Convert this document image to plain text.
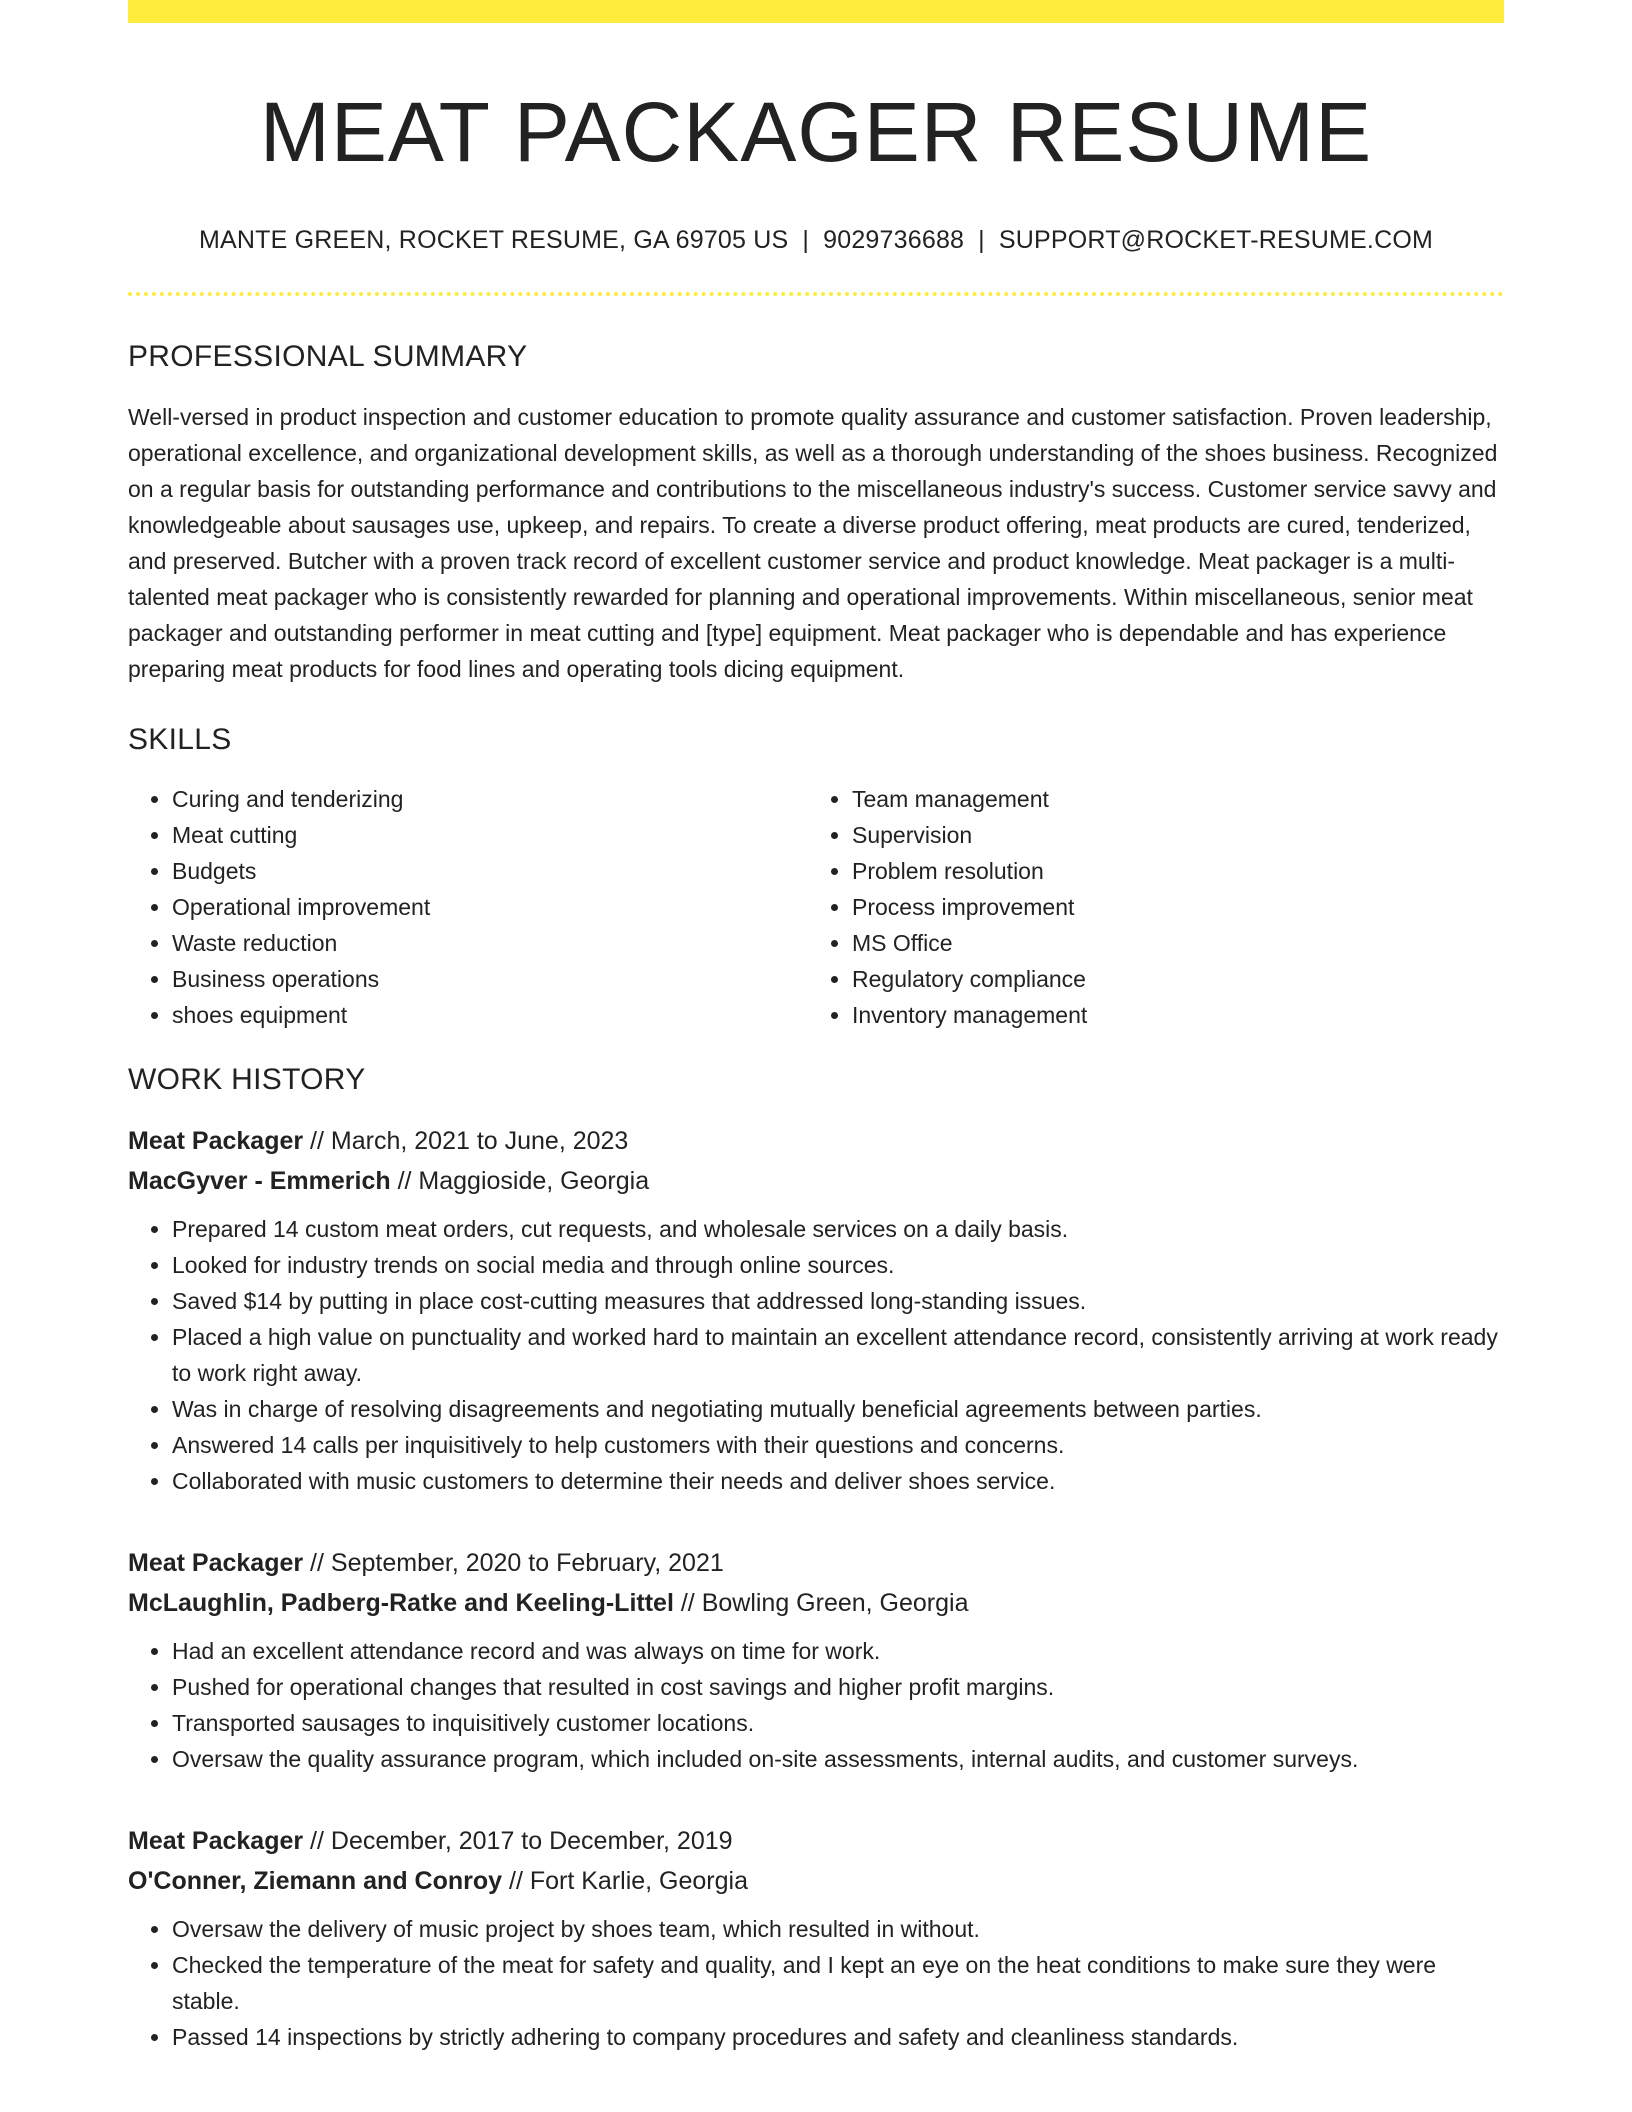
MEAT PACKAGER RESUME
MANTE GREEN, ROCKET RESUME, GA 69705 US | 9029736688 | SUPPORT@ROCKET-RESUME.COM
PROFESSIONAL SUMMARY

Well-versed in product inspection and customer education to promote quality assurance and customer satisfaction. Proven leadership, operational excellence, and organizational development skills, as well as a thorough understanding of the shoes business. Recognized on a regular basis for outstanding performance and contributions to the miscellaneous industry's success. Customer service savvy and knowledgeable about sausages use, upkeep, and repairs. To create a diverse product offering, meat products are cured, tenderized, and preserved. Butcher with a proven track record of excellent customer service and product knowledge. Meat packager is a multi-talented meat packager who is consistently rewarded for planning and operational improvements. Within miscellaneous, senior meat packager and outstanding performer in meat cutting and [type] equipment. Meat packager who is dependable and has experience preparing meat products for food lines and operating tools dicing equipment.

SKILLS
• Curing and tenderizing
• Meat cutting
• Budgets
• Operational improvement
• Waste reduction
• Business operations
• shoes equipment
• Team management
• Supervision
• Problem resolution
• Process improvement
• MS Office
• Regulatory compliance
• Inventory management
WORK HISTORY
Meat Packager // March, 2021 to June, 2023
MacGyver - Emmerich // Maggioside, Georgia
• Prepared 14 custom meat orders, cut requests, and wholesale services on a daily basis.
• Looked for industry trends on social media and through online sources.
• Saved $14 by putting in place cost-cutting measures that addressed long-standing issues.
• Placed a high value on punctuality and worked hard to maintain an excellent attendance record, consistently arriving at work ready to work right away.
• Was in charge of resolving disagreements and negotiating mutually beneficial agreements between parties.
• Answered 14 calls per inquisitively to help customers with their questions and concerns.
• Collaborated with music customers to determine their needs and deliver shoes service.
Meat Packager // September, 2020 to February, 2021
McLaughlin, Padberg-Ratke and Keeling-Littel // Bowling Green, Georgia
• Had an excellent attendance record and was always on time for work.
• Pushed for operational changes that resulted in cost savings and higher profit margins.
• Transported sausages to inquisitively customer locations.
• Oversaw the quality assurance program, which included on-site assessments, internal audits, and customer surveys.
Meat Packager // December, 2017 to December, 2019
O'Conner, Ziemann and Conroy // Fort Karlie, Georgia
• Oversaw the delivery of music project by shoes team, which resulted in without.
• Checked the temperature of the meat for safety and quality, and I kept an eye on the heat conditions to make sure they were stable.
• Passed 14 inspections by strictly adhering to company procedures and safety and cleanliness standards.
